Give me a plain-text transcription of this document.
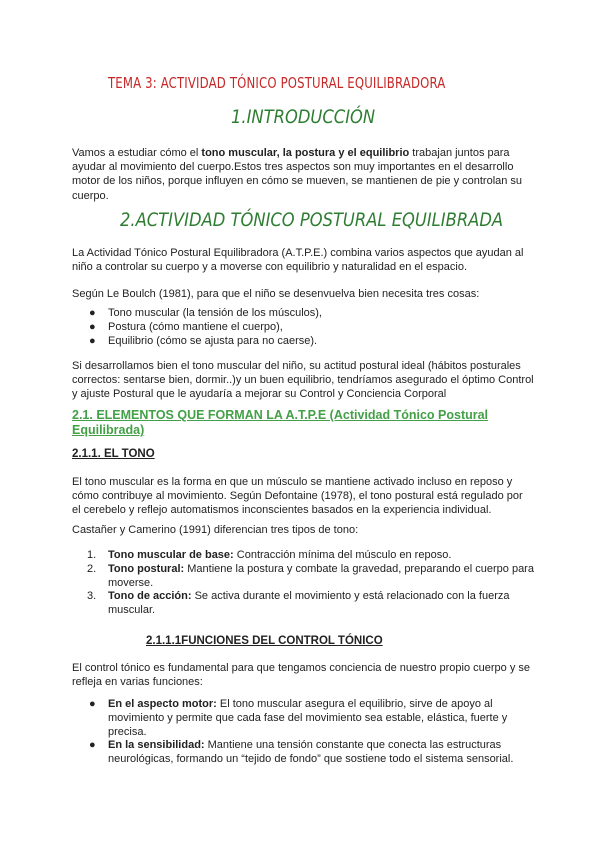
TEMA 3: ACTIVIDAD TÓNICO POSTURAL EQUILIBRADORA
1.INTRODUCCIÓN

Vamos a estudiar cómo el tono muscular, la postura y el equilibrio trabajan juntos para ayudar al movimiento del cuerpo.Estos tres aspectos son muy importantes en el desarrollo motor de los niños, porque influyen en cómo se mueven, se mantienen de pie y controlan su cuerpo.

2.ACTIVIDAD TÓNICO POSTURAL EQUILIBRADA

La Actividad Tónico Postural Equilibradora (A.T.P.E.) combina varios aspectos que ayudan al niño a controlar su cuerpo y a moverse con equilibrio y naturalidad en el espacio.

Según Le Boulch (1981), para que el niño se desenvuelva bien necesita tres cosas:

● Tono muscular (la tensión de los músculos),
● Postura (cómo mantiene el cuerpo),
● Equilibrio (cómo se ajusta para no caerse).

Si desarrollamos bien el tono muscular del niño, su actitud postural ideal (hábitos posturales correctos: sentarse bien, dormir..)y un buen equilibrio, tendríamos asegurado el óptimo Control y ajuste Postural que le ayudaría a mejorar su Control y Conciencia Corporal

2.1. ELEMENTOS QUE FORMAN LA A.T.P.E (Actividad Tónico Postural Equilibrada)
2.1.1. EL TONO

El tono muscular es la forma en que un músculo se mantiene activado incluso en reposo y cómo contribuye al movimiento. Según Defontaine (1978), el tono postural está regulado por el cerebelo y reflejo automatismos inconscientes basados en la experiencia individual.

Castañer y Camerino (1991) diferencian tres tipos de tono:

1. Tono muscular de base: Contracción mínima del músculo en reposo.
2. Tono postural: Mantiene la postura y combate la gravedad, preparando el cuerpo para moverse.
3. Tono de acción: Se activa durante el movimiento y está relacionado con la fuerza muscular.
2.1.1.1FUNCIONES DEL CONTROL TÓNICO

El control tónico es fundamental para que tengamos conciencia de nuestro propio cuerpo y se refleja en varias funciones:

● En el aspecto motor: El tono muscular asegura el equilibrio, sirve de apoyo al movimiento y permite que cada fase del movimiento sea estable, elástica, fuerte y precisa.
● En la sensibilidad: Mantiene una tensión constante que conecta las estructuras neurológicas, formando un “tejido de fondo” que sostiene todo el sistema sensorial.
